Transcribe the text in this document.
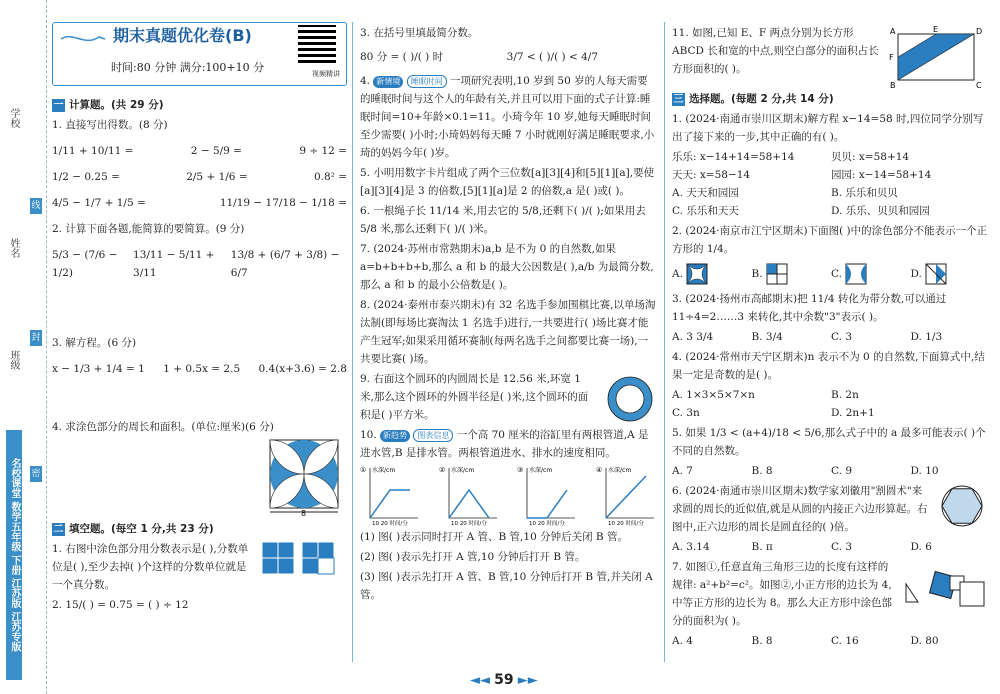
学校
姓名
班级
线
封
密
名校课堂 数学五年级 下册 江苏版 江苏专版
期末真题优化卷(B)
时间:80 分钟 满分:100+10 分	视频精讲
一 计算题。(共 29 分)
1. 直接写出得数。(8 分)
1/11 + 10/11 =	2 − 5/9 =	9 ÷ 12 =
1/2 − 0.25 =	2/5 + 1/6 =	0.8² =
4/5 − 1/7 + 1/5 =	11/19 − 17/18 − 1/18 =
2. 计算下面各题,能简算的要简算。(9 分)
5/3 − (7/6 − 1/2)
13/11 − 5/11 + 3/11
13/8 + (6/7 + 3/8) − 6/7
3. 解方程。(6 分)
x − 1/3 + 1/4 = 1 1 + 0.5x = 2.5 0.4(x+3.6) = 2.8
4. 求涂色部分的周长和面积。(单位:厘米)(6 分)
8
二 填空题。(每空 1 分,共 23 分)
1. 右图中涂色部分用分数表示是( ),分数单位是( ),至少去掉( )个这样的分数单位就是一个真分数。
2. 15/( ) = 0.75 = ( ) ÷ 12
3. 在括号里填最简分数。
80 分 = ( )/( ) 时	3/7 < ( )/( ) < 4/7
4. 新情境 睡眠时间 一项研究表明,10 岁到 50 岁的人每天需要的睡眠时间与这个人的年龄有关,并且可以用下面的式子计算:睡眠时间=10+年龄×0.1=11。小琦今年 10 岁,她每天睡眠时间至少需要( )小时;小琦妈妈每天睡 7 小时就刚好满足睡眠要求,小琦的妈妈今年( )岁。
5. 小明用数字卡片组成了两个三位数[a][3][4]和[5][1][a],要使[a][3][4]是 3 的倍数,[5][1][a]是 2 的倍数,a 是( )或( )。
6. 一根绳子长 11/14 米,用去它的 5/8,还剩下( )/( );如果用去 5/8 米,那么还剩下( )/( )米。
7. (2024·苏州市常熟期末)a,b 是不为 0 的自然数,如果 a=b+b+b+b,那么 a 和 b 的最大公因数是( ),a/b 为最简分数,那么 a 和 b 的最小公倍数是( )。
8. (2024·泰州市泰兴期末)有 32 名选手参加围棋比赛,以单场淘汰制(即每场比赛淘汰 1 名选手)进行,一共要进行( )场比赛才能产生冠军;如果采用循环赛制(每两名选手之间都要比赛一场),一共要比赛( )场。
9. 右面这个圆环的内圆周长是 12.56 米,环宽 1 米,那么这个圆环的外圆半径是( )米,这个圆环的面积是( )平方米。
10. 新趋势 图表信息 一个高 70 厘米的浴缸里有两根管道,A 是进水管,B 是排水管。两根管道进水、排水的速度相同。
水深/cm
10 20 时间/分
①	水深/cm
10 20 时间/分
②	水深/cm
10 20 时间/分
③	水深/cm
10 20 时间/分
④
(1) 图( )表示同时打开 A 管、B 管,10 分钟后关闭 B 管。
(2) 图( )表示先打开 A 管,10 分钟后打开 B 管。
(3) 图( )表示先打开 A 管、B 管,10 分钟后打开 B 管,并关闭 A 管。
11. 如图,已知 E、F 两点分别为长方形 ABCD 长和宽的中点,则空白部分的面积占长方形面积的( )。
A	E	D
F
B	C
三 选择题。(每题 2 分,共 14 分)
1. (2024·南通市崇川区期末)解方程 x−14=58 时,四位同学分别写出了接下来的一步,其中正确的有( )。
乐乐: x−14+14=58+14	贝贝: x=58+14
天天: x=58−14	园园: x−14=58+14
A. 天天和园园	B. 乐乐和贝贝
C. 乐乐和天天	D. 乐乐、贝贝和园园
2. (2024·南京市江宁区期末)下面图( )中的涂色部分不能表示一个正方形的 1/4。
A.	B.	C.	D.
3. (2024·扬州市高邮期末)把 11/4 转化为带分数,可以通过 11÷4=2……3 来转化,其中余数"3"表示( )。
A. 3 3/4	B. 3/4	C. 3	D. 1/3
4. (2024·常州市天宁区期末)n 表示不为 0 的自然数,下面算式中,结果一定是奇数的是( )。
A. 1×3×5×7×n	B. 2n
C. 3n	D. 2n+1
5. 如果 1/3 < (a+4)/18 < 5/6,那么式子中的 a 最多可能表示( )个不同的自然数。
A. 7	B. 8	C. 9	D. 10
6. (2024·南通市崇川区期末)数学家刘徽用"割圆术"来求圆的周长的近似值,就是从圆的内接正六边形算起。右图中,正六边形的周长是圆直径的( )倍。
A. 3.14	B. π	C. 3	D. 6
7. 如图①,任意直角三角形三边的长度有这样的规律: a²+b²=c²。如图②,小正方形的边长为 4,中等正方形的边长为 8。那么大正方形中涂色部分的面积为( )。
A. 4	B. 8	C. 16	D. 80
◄◄ 59 ►►
